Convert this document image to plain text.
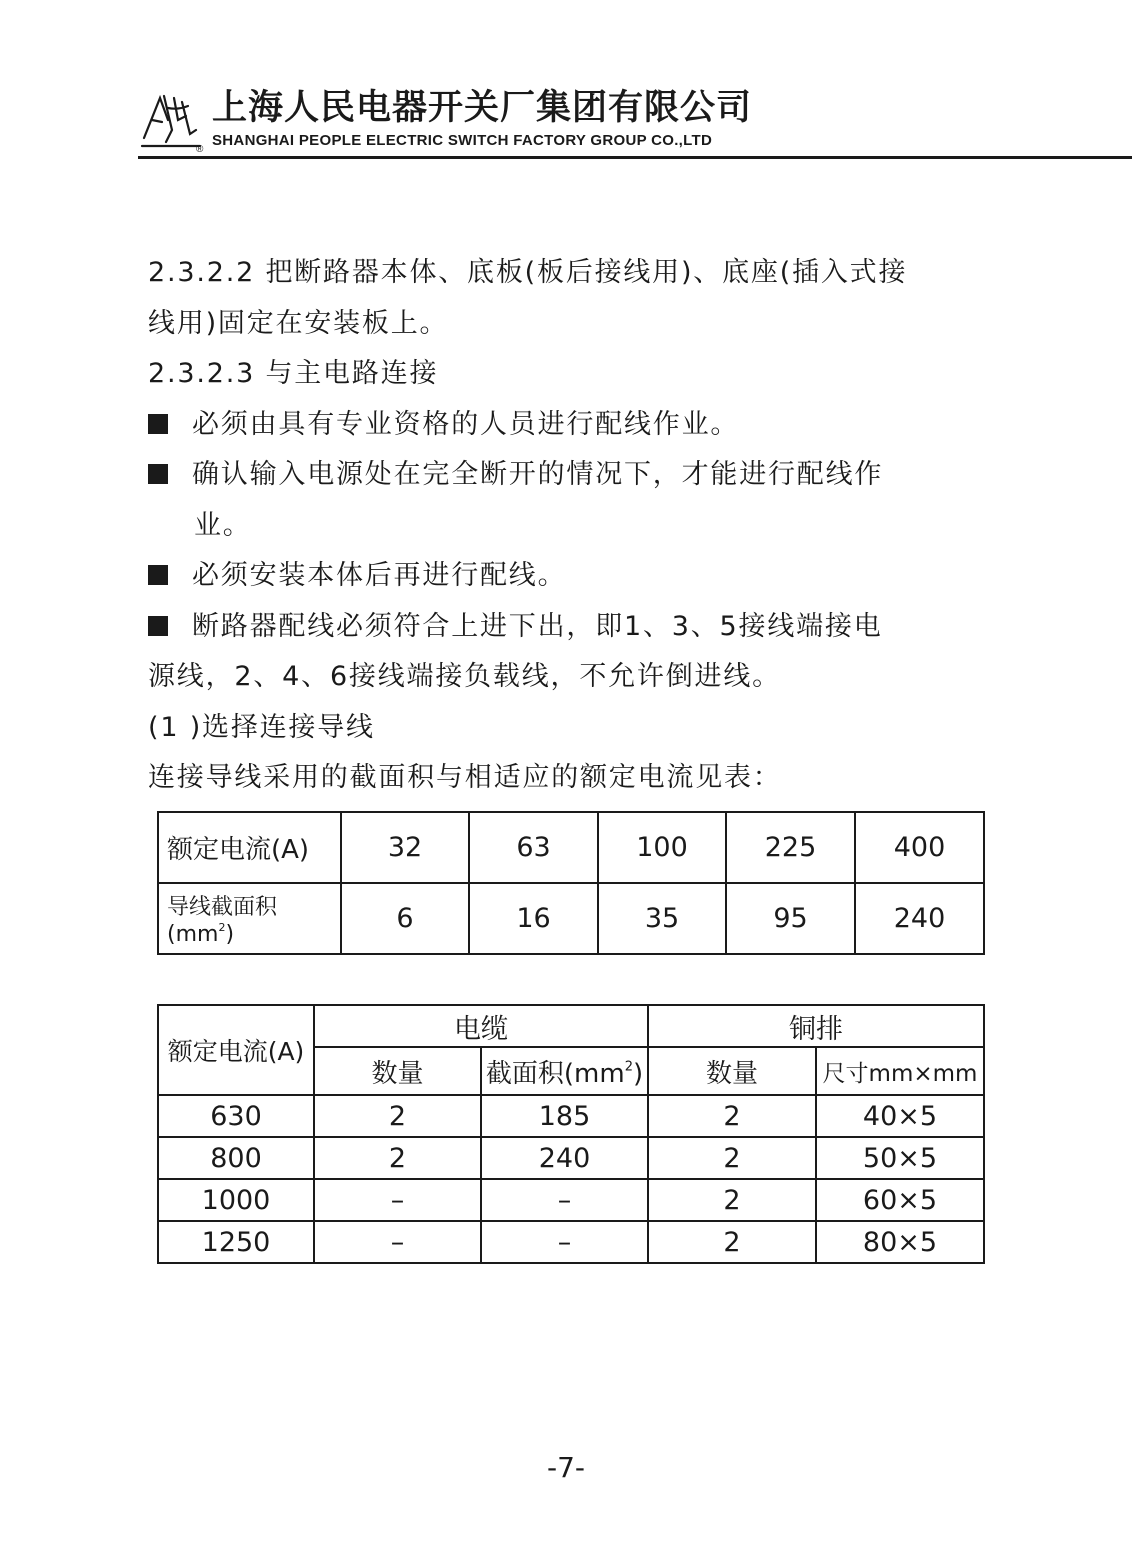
®
上海人民电器开关厂集团有限公司
SHANGHAI PEOPLE ELECTRIC SWITCH FACTORY GROUP CO.,LTD

2.3.2.2 把断路器本体、底板(板后接线用)、底座(插入式接

线用)固定在安装板上。

2.3.2.3 与主电路连接

必须由具有专业资格的人员进行配线作业。

确认输入电源处在完全断开的情况下，才能进行配线作

业。

必须安装本体后再进行配线。

断路器配线必须符合上进下出，即1、3、5接线端接电

源线，2、4、6接线端接负载线，不允许倒进线。

(1 )选择连接导线

连接导线采用的截面积与相适应的额定电流见表：

额定电流(A)	32	63	100	225	400
导线截面积$(mm^2)$	6	16	35	95	240
额定电流(A)	电缆		铜排	
	数量	截面积$(mm^2)$	数量	尺寸mm×mm
630	2	185	2	40×5
800	2	240	2	50×5
1000	–	–	2	60×5
1250	–	–	2	80×5
-7-
